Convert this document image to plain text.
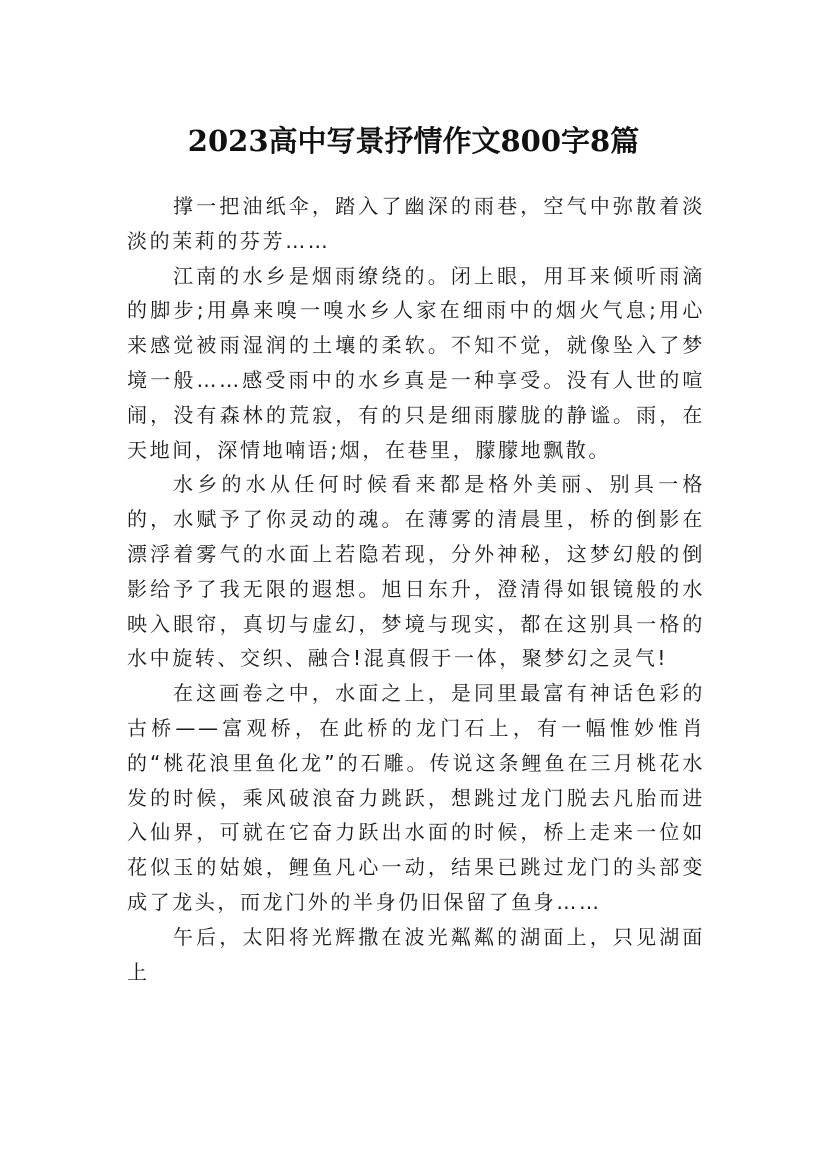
2023高中写景抒情作文800字8篇

撑一把油纸伞，踏入了幽深的雨巷，空气中弥散着淡淡的茉莉的芬芳……

江南的水乡是烟雨缭绕的。闭上眼，用耳来倾听雨滴的脚步;用鼻来嗅一嗅水乡人家在细雨中的烟火气息;用心来感觉被雨湿润的土壤的柔软。不知不觉，就像坠入了梦境一般……感受雨中的水乡真是一种享受。没有人世的喧闹，没有森林的荒寂，有的只是细雨朦胧的静谧。雨，在天地间，深情地喃语;烟，在巷里，朦朦地飘散。

水乡的水从任何时候看来都是格外美丽、别具一格的，水赋予了你灵动的魂。在薄雾的清晨里，桥的倒影在漂浮着雾气的水面上若隐若现，分外神秘，这梦幻般的倒影给予了我无限的遐想。旭日东升，澄清得如银镜般的水映入眼帘，真切与虚幻，梦境与现实，都在这别具一格的水中旋转、交织、融合!混真假于一体，聚梦幻之灵气!

在这画卷之中，水面之上，是同里最富有神话色彩的古桥——富观桥，在此桥的龙门石上，有一幅惟妙惟肖的“桃花浪里鱼化龙”的石雕。传说这条鲤鱼在三月桃花水发的时候，乘风破浪奋力跳跃，想跳过龙门脱去凡胎而进入仙界，可就在它奋力跃出水面的时候，桥上走来一位如花似玉的姑娘，鲤鱼凡心一动，结果已跳过龙门的头部变成了龙头，而龙门外的半身仍旧保留了鱼身……

午后，太阳将光辉撒在波光粼粼的湖面上，只见湖面上
